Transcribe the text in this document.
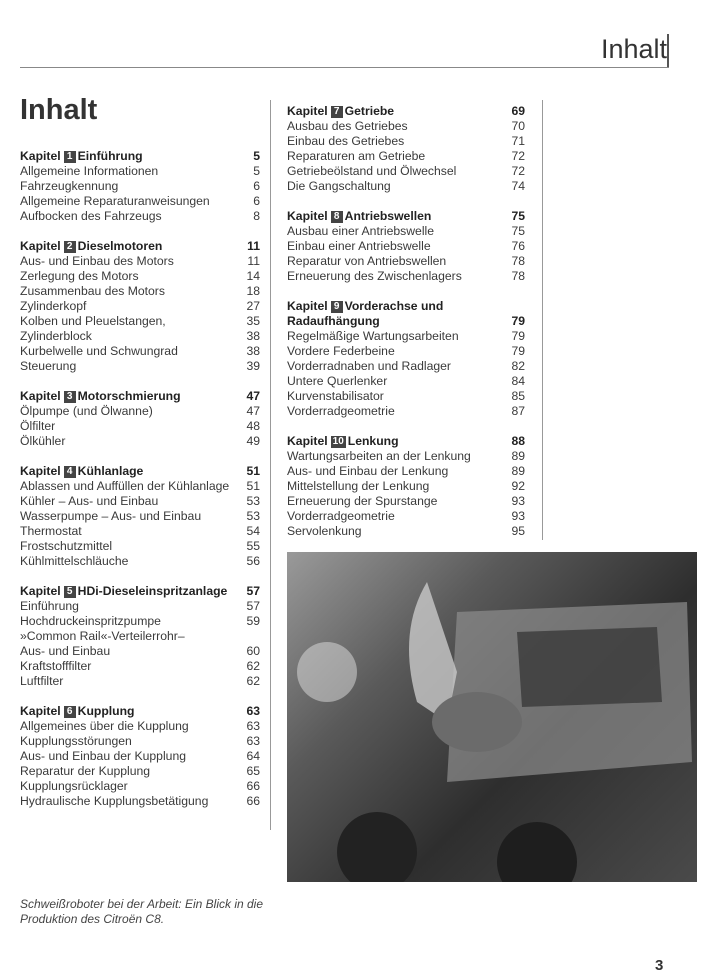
Inhalt
Inhalt
Kapitel 1 Einführung	5
Allgemeine Informationen	5
Fahrzeugkennung	6
Allgemeine Reparaturanweisungen	6
Aufbocken des Fahrzeugs	8
Kapitel 2 Dieselmotoren	11
Aus- und Einbau des Motors	11
Zerlegung des Motors	14
Zusammenbau des Motors	18
Zylinderkopf	27
Kolben und Pleuelstangen,	35
Zylinderblock	38
Kurbelwelle und Schwungrad	38
Steuerung	39
Kapitel 3 Motorschmierung	47
Ölpumpe (und Ölwanne)	47
Ölfilter	48
Ölkühler	49
Kapitel 4 Kühlanlage	51
Ablassen und Auffüllen der Kühlanlage 51
Kühler – Aus- und Einbau	53
Wasserpumpe – Aus- und Einbau	53
Thermostat	54
Frostschutzmittel	55
Kühlmittelschläuche	56
Kapitel 5 HDi-Dieseleinspritzanlage 57
Einführung	57
Hochdruckeinspritzpumpe	59
»Common Rail«-Verteilerrohr–
Aus- und Einbau	60
Kraftstofffilter	62
Luftfilter	62
Kapitel 6 Kupplung	63
Allgemeines über die Kupplung	63
Kupplungsstörungen	63
Aus- und Einbau der Kupplung	64
Reparatur der Kupplung	65
Kupplungsrücklager	66
Hydraulische Kupplungsbetätigung	66
Kapitel 7 Getriebe	69
Ausbau des Getriebes	70
Einbau des Getriebes	71
Reparaturen am Getriebe	72
Getriebeölstand und Ölwechsel	72
Die Gangschaltung	74
Kapitel 8 Antriebswellen	75
Ausbau einer Antriebswelle	75
Einbau einer Antriebswelle	76
Reparatur von Antriebswellen	78
Erneuerung des Zwischenlagers	78
Kapitel 9 Vorderachse und
Radaufhängung	79
Regelmäßige Wartungsarbeiten	79
Vordere Federbeine	79
Vorderradnaben und Radlager	82
Untere Querlenker	84
Kurvenstabilisator	85
Vorderradgeometrie	87
Kapitel 10 Lenkung	88
Wartungsarbeiten an der Lenkung	89
Aus- und Einbau der Lenkung	89
Mittelstellung der Lenkung	92
Erneuerung der Spurstange	93
Vorderradgeometrie	93
Servolenkung	95
Schweißroboter bei der Arbeit: Ein Blick in die Produktion des Citroën C8.
3
